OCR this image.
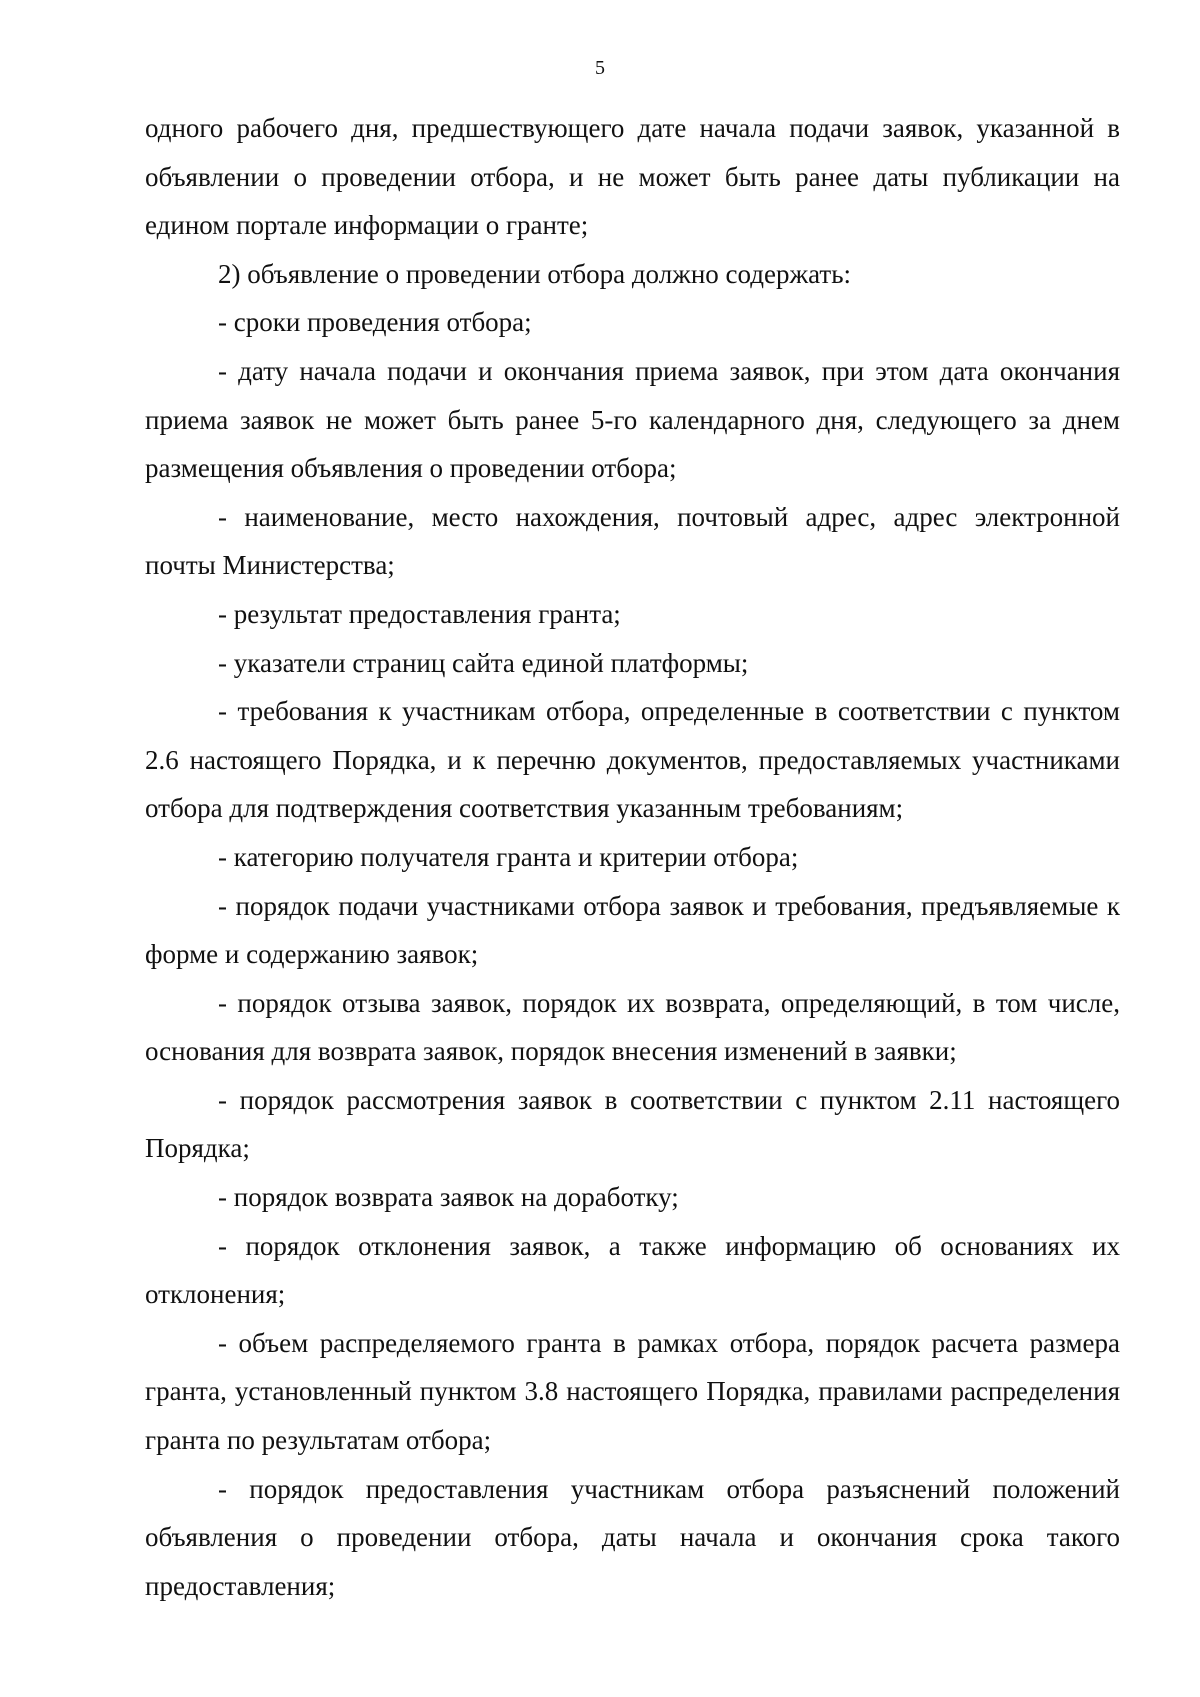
5

одного рабочего дня, предшествующего дате начала подачи заявок, указанной в объявлении о проведении отбора, и не может быть ранее даты публикации на едином портале информации о гранте;

2) объявление о проведении отбора должно содержать:

- сроки проведения отбора;

- дату начала подачи и окончания приема заявок, при этом дата окончания приема заявок не может быть ранее 5-го календарного дня, следующего за днем размещения объявления о проведении отбора;

- наименование, место нахождения, почтовый адрес, адрес электронной почты Министерства;

- результат предоставления гранта;

- указатели страниц сайта единой платформы;

- требования к участникам отбора, определенные в соответствии с пунктом 2.6 настоящего Порядка, и к перечню документов, предоставляемых участниками отбора для подтверждения соответствия указанным требованиям;

- категорию получателя гранта и критерии отбора;

- порядок подачи участниками отбора заявок и требования, предъявляемые к форме и содержанию заявок;

- порядок отзыва заявок, порядок их возврата, определяющий, в том числе, основания для возврата заявок, порядок внесения изменений в заявки;

- порядок рассмотрения заявок в соответствии с пунктом 2.11 настоящего Порядка;

- порядок возврата заявок на доработку;

- порядок отклонения заявок, а также информацию об основаниях их отклонения;

- объем распределяемого гранта в рамках отбора, порядок расчета размера гранта, установленный пунктом 3.8 настоящего Порядка, правилами распределения гранта по результатам отбора;

- порядок предоставления участникам отбора разъяснений положений объявления о проведении отбора, даты начала и окончания срока такого предоставления;
